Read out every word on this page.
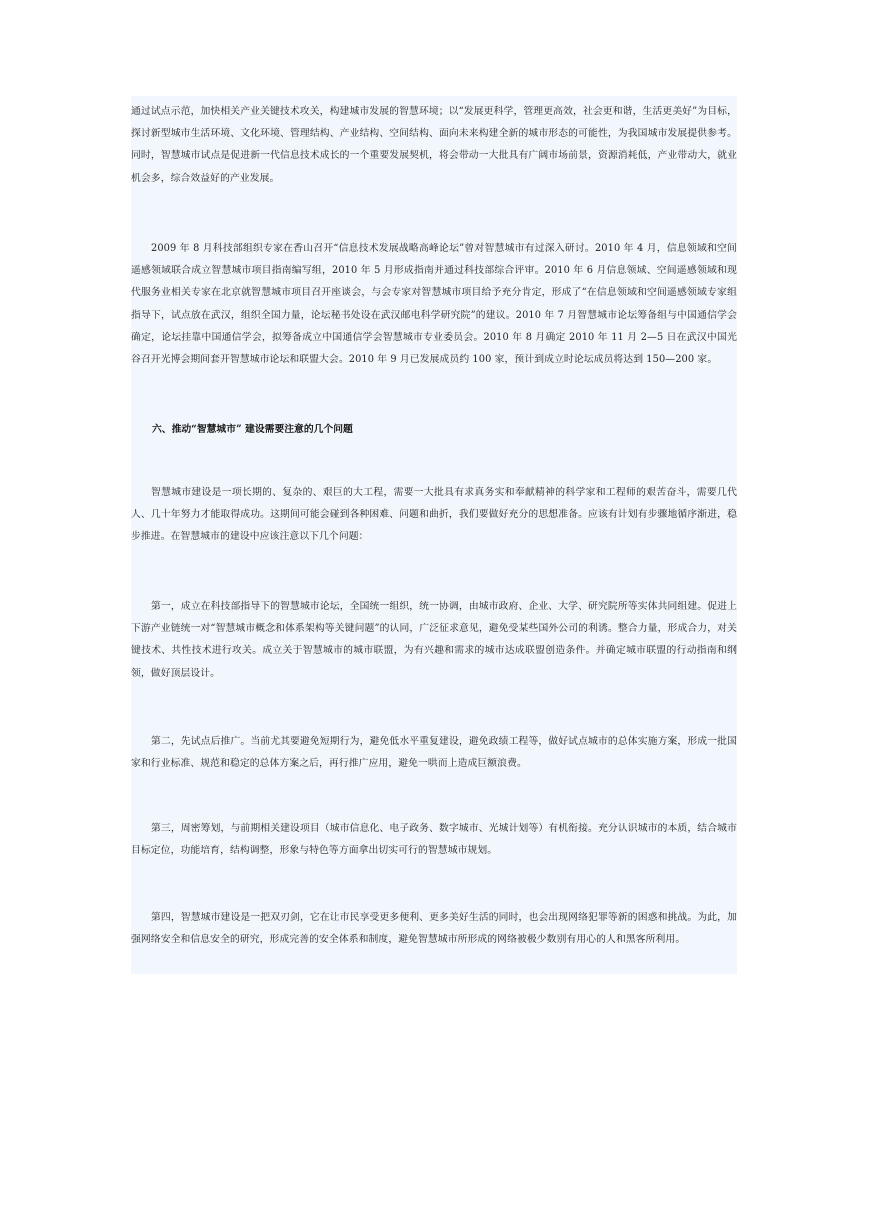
通过试点示范，加快相关产业关键技术攻关，构建城市发展的智慧环境；以“发展更科学，管理更高效，社会更和谐，生活更美好”为目标，探讨新型城市生活环境、文化环境、管理结构、产业结构、空间结构、面向未来构建全新的城市形态的可能性，为我国城市发展提供参考。同时，智慧城市试点是促进新一代信息技术成长的一个重要发展契机，将会带动一大批具有广阔市场前景，资源消耗低，产业带动大，就业机会多，综合效益好的产业发展。

2009 年 8 月科技部组织专家在香山召开“信息技术发展战略高峰论坛”曾对智慧城市有过深入研讨。2010 年 4 月，信息领域和空间遥感领域联合成立智慧城市项目指南编写组，2010 年 5 月形成指南并通过科技部综合评审。2010 年 6 月信息领域、空间遥感领域和现代服务业相关专家在北京就智慧城市项目召开座谈会，与会专家对智慧城市项目给予充分肯定，形成了“在信息领域和空间遥感领域专家组指导下，试点放在武汉，组织全国力量，论坛秘书处设在武汉邮电科学研究院”的建议。2010 年 7 月智慧城市论坛筹备组与中国通信学会确定，论坛挂靠中国通信学会，拟筹备成立中国通信学会智慧城市专业委员会。2010 年 8 月确定 2010 年 11 月 2—5 日在武汉中国光谷召开光博会期间套开智慧城市论坛和联盟大会。2010 年 9 月已发展成员约 100 家，预计到成立时论坛成员将达到 150—200 家。

六、推动“智慧城市” 建设需要注意的几个问题

智慧城市建设是一项长期的、复杂的、艰巨的大工程，需要一大批具有求真务实和奉献精神的科学家和工程师的艰苦奋斗，需要几代人、几十年努力才能取得成功。这期间可能会碰到各种困难、问题和曲折，我们要做好充分的思想准备。应该有计划有步骤地循序渐进，稳步推进。在智慧城市的建设中应该注意以下几个问题：

第一，成立在科技部指导下的智慧城市论坛，全国统一组织，统一协调，由城市政府、企业、大学、研究院所等实体共同组建。促进上下游产业链统一对“智慧城市概念和体系架构等关键问题”的认同，广泛征求意见，避免受某些国外公司的利诱。整合力量，形成合力，对关键技术、共性技术进行攻关。成立关于智慧城市的城市联盟，为有兴趣和需求的城市达成联盟创造条件。并确定城市联盟的行动指南和纲领，做好顶层设计。

第二，先试点后推广。当前尤其要避免短期行为，避免低水平重复建设，避免政绩工程等，做好试点城市的总体实施方案，形成一批国家和行业标准、规范和稳定的总体方案之后，再行推广应用，避免一哄而上造成巨额浪费。

第三，周密筹划，与前期相关建设项目（城市信息化、电子政务、数字城市、光城计划等）有机衔接。充分认识城市的本质，结合城市目标定位，功能培育，结构调整，形象与特色等方面拿出切实可行的智慧城市规划。

第四，智慧城市建设是一把双刃剑，它在让市民享受更多便利、更多美好生活的同时，也会出现网络犯罪等新的困惑和挑战。为此，加强网络安全和信息安全的研究，形成完善的安全体系和制度，避免智慧城市所形成的网络被极少数别有用心的人和黑客所利用。
